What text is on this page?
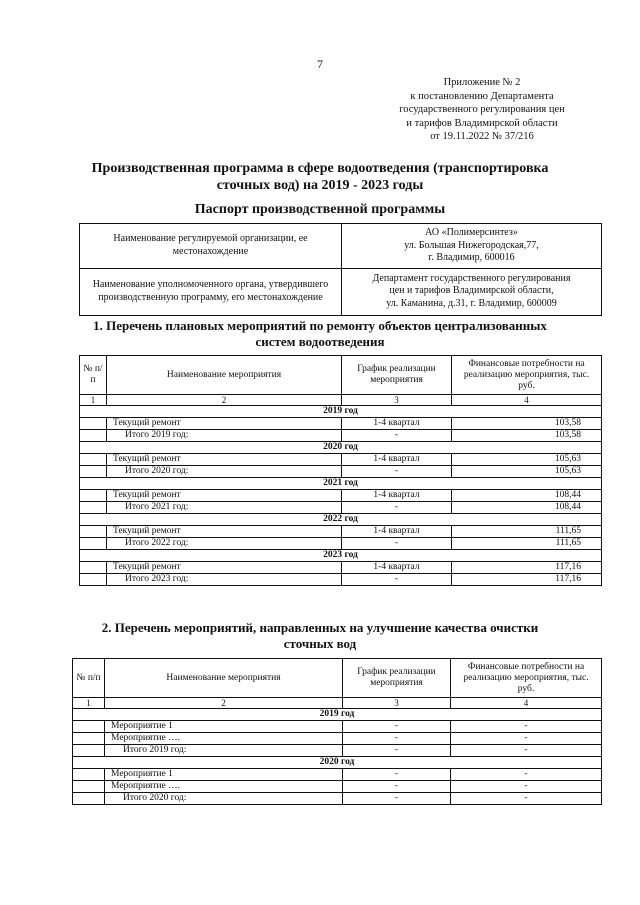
7
Приложение № 2
к постановлению Департамента
государственного регулирования цен
и тарифов Владимирской области
от 19.11.2022 № 37/216
Производственная программа в сфере водоотведения (транспортировка
сточных вод) на 2019 - 2023 годы
Паспорт производственной программы
Наименование регулируемой организации, ее местонахождение	АО «Полимерсинтез»
ул. Большая Нижегородская,77,
г. Владимир, 600016

Наименование уполномоченного органа, утвердившего производственную программу, его местонахождение	Департамент государственного регулирования
цен и тарифов Владимирской области,
ул. Каманина, д.31, г. Владимир, 600009
1. Перечень плановых мероприятий по ремонту объектов централизованных
систем водоотведения
№ п/п	Наименование мероприятия	График реализации мероприятия	Финансовые потребности на реализацию мероприятия, тыс. руб.
1	2	3	4
2019 год			
	Текущий ремонт	1-4 квартал	103,58
	Итого 2019 год:	-	103,58
2020 год			
	Текущий ремонт	1-4 квартал	105,63
	Итого 2020 год:	-	105,63
2021 год			
	Текущий ремонт	1-4 квартал	108,44
	Итого 2021 год:	-	108,44
2022 год			
	Текущий ремонт	1-4 квартал	111,65
	Итого 2022 год:	-	111,65
2023 год			
	Текущий ремонт	1-4 квартал	117,16
	Итого 2023 год:	-	117,16
2. Перечень мероприятий, направленных на улучшение качества очистки
сточных вод
№ п/п	Наименование мероприятия	График реализации мероприятия	Финансовые потребности на реализацию мероприятия, тыс. руб.
1	2	3	4
2019 год			
	Мероприятие 1	-	-
	Мероприятие ….	-	-
	Итого 2019 год:	-	-
2020 год			
	Мероприятие 1	-	-
	Мероприятие ….	-	-
	Итого 2020 год:	-	-
